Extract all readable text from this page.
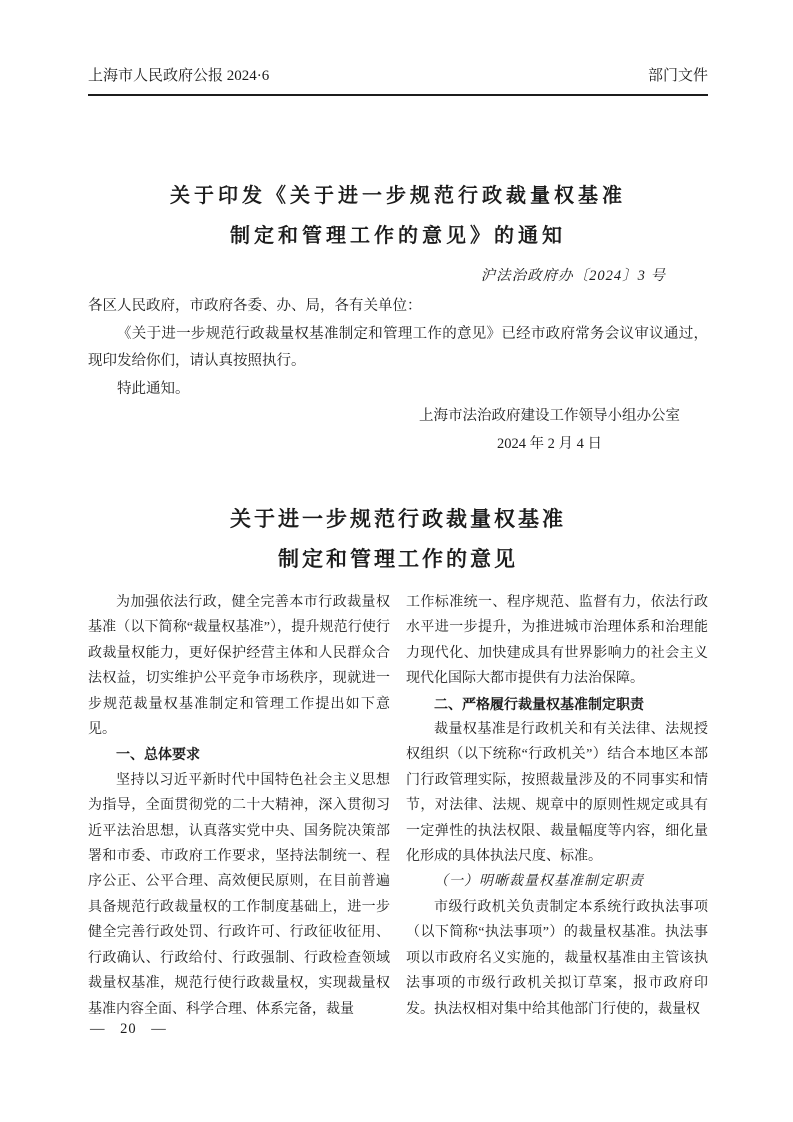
上海市人民政府公报 2024·6	部门文件
关于印发《关于进一步规范行政裁量权基准
制定和管理工作的意见》的通知
沪法治政府办〔2024〕3 号

各区人民政府，市政府各委、办、局，各有关单位：

《关于进一步规范行政裁量权基准制定和管理工作的意见》已经市政府常务会议审议通过，现印发给你们，请认真按照执行。

特此通知。

上海市法治政府建设工作领导小组办公室
2024 年 2 月 4 日
关于进一步规范行政裁量权基准
制定和管理工作的意见

为加强依法行政，健全完善本市行政裁量权基准（以下简称“裁量权基准”），提升规范行使行政裁量权能力，更好保护经营主体和人民群众合法权益，切实维护公平竞争市场秩序，现就进一步规范裁量权基准制定和管理工作提出如下意见。

一、总体要求

坚持以习近平新时代中国特色社会主义思想为指导，全面贯彻党的二十大精神，深入贯彻习近平法治思想，认真落实党中央、国务院决策部署和市委、市政府工作要求，坚持法制统一、程序公正、公平合理、高效便民原则，在目前普遍具备规范行政裁量权的工作制度基础上，进一步健全完善行政处罚、行政许可、行政征收征用、行政确认、行政给付、行政强制、行政检查领域裁量权基准，规范行使行政裁量权，实现裁量权基准内容全面、科学合理、体系完备，裁量

工作标准统一、程序规范、监督有力，依法行政水平进一步提升，为推进城市治理体系和治理能力现代化、加快建成具有世界影响力的社会主义现代化国际大都市提供有力法治保障。

二、严格履行裁量权基准制定职责

裁量权基准是行政机关和有关法律、法规授权组织（以下统称“行政机关”）结合本地区本部门行政管理实际，按照裁量涉及的不同事实和情节，对法律、法规、规章中的原则性规定或具有一定弹性的执法权限、裁量幅度等内容，细化量化形成的具体执法尺度、标准。

（一）明晰裁量权基准制定职责

市级行政机关负责制定本系统行政执法事项（以下简称“执法事项”）的裁量权基准。执法事项以市政府名义实施的，裁量权基准由主管该执法事项的市级行政机关拟订草案，报市政府印发。执法权相对集中给其他部门行使的，裁量权

— 20 —
